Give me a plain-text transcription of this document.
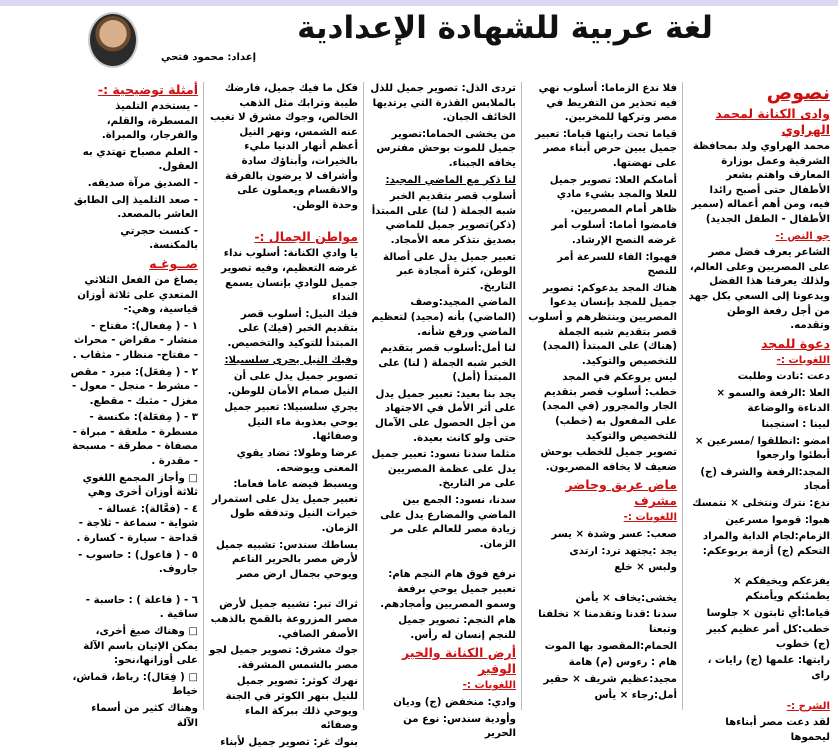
لغة عربية للشهادة الإعدادية
إعداد: محمود فتحي
نصوص
وادى الكنانة لمحمد الهراوي
محمد الهراوي ولد بمحافظة الشرقية وعمل بوزارة المعارف واهتم بشعر الأطفال حتى أصبح رائدا فيه، ومن أهم أعماله (سمير الأطفال - الطفل الجديد)
جو النص :-
الشاعر يعرف فضل مصر على المصريين وعلى العالم، ولذلك يعرفنا هذا الفضل ويدعونا إلى السعي بكل جهد من أجل رفعة الوطن وتقدمه.
دعوة للمجد
اللغويات :-
دعت :نادت وطلبت
العلا :الرفعة والسمو × الدناءة والوضاعة
لبينا : استجبنا
امضو :انطلقوا /مسرعين × أبطئوا وارجعوا
المجد:الرفعة والشرف (ج) أمجاد
ندع: نترك ونتخلى × نتمسك
هبوا: قوموا مسرعين
الزمام:لجام الدابة والمراد التحكم (ج) أزمة بربوعكم:
يفزعكم ويخيفكم × يطمئنكم ويأمنكم
قياما:أي ثابتون × جلوسا
خطب:كل أمر عظيم كبير (ج) خطوب
رايتها: علمها (ج) رايات ، راى
الشرح :-
لقد دعت مصر أبناءها ليحموها
فلا ندع الزماما: أسلوب نهي فيه تحذير من التفريط في مصر وتركها للمخربين.
قياما تحت رايتها قياما: تعبير جميل يبين حرص أبناء مصر على نهضتها.
أمامكم العلا: تصوير جميل للعلا والمجد بشيء مادي ظاهر أمام المصريين.
فامضوا أماما: أسلوب أمر غرضه النصح الإرشاد.
فهبوا: الفاء للسرعة أمر للنصح
هناك المجد يدعوكم: تصوير جميل للمجد بإنسان يدعوا المصريين وينتظرهم و أسلوب قصر بتقديم شبه الجملة (هناك) على المبتدأ (المجد) للتخصيص والتوكيد.
ليس يروعكم في المجد خطب: أسلوب قصر بتقديم الجار والمجرور (في المجد) على المفعول به (خطب) للتخصيص والتوكيد
تصوير جميل للخطب بوحش ضعيف لا يخافه المصريون.
ماض عريق وحاضر مشرف
اللغويات :-
صعب: عسر وشدة × يسر
يجد :يجتهد ترد: ارتدى
ولبس × خلع
يخشى:يخاف × يأمن
سدنا :قدنا وتقدمنا × تخلفنا وتبعنا
الحمام:المقصود بها الموت
هام : رءوس (م) هامة
مجيد:عظيم شريف × حقير
أمل:رجاء × يأس
تردى الذل: تصوير جميل للذل بالملابس القذرة التي يرتديها الخائف الجبان.
من يخشى الحماما:تصوير جميل للموت بوحش مفترس يخافه الجبناء.
لنا ذكر مع الماضي المجيد:
أسلوب قصر بتقديم الخبر شبه الجملة ( لنا) على المبتدأ (ذكر)تصوير جميل للماضي بصديق نتذكر معه الأمجاد.
تعبير جميل يدل على أصالة الوطن، كثرة أمجادة عبر التاريخ.
الماضي المجيد:وصف (الماضي) بأنه (مجيد) لتعظيم الماضي ورفع شأنه.
لنا أمل:أسلوب قصر بتقديم الخبر شبه الجملة ( لنا) على المبتدأ (أمل)
يجد بنا بعيد: تعبير جميل يدل على أثر الأمل في الاجتهاد من أجل الحصول على الآمال حتى ولو كانت بعيدة.
مثلما سدنا نسود: تعبير جميل يدل على عظمة المصريين على مر التاريخ.
سدنا، نسود: الجمع بين الماضي والمضارع يدل على زيادة مصر للعالم على مر الزمان.
نرفع فوق هام النجم هام: تعبير جميل يوحي برفعة وسمو المصريين وأمجادهم.
هام النجم: تصوير جميل للنجم إنسان له رأس.
أرض الكنانة والخير الوفير
اللغويات :-
وادي: منخفض (ج) وديان
وأودية سندس: نوع من الحرير
فكل ما فيك جميل، فارضك طيبة وترابك مثل الذهب الخالص، وجوك مشرق لا تغيب عنه الشمس، ونهر النيل أعظم أنهار الدنيا مليء بالخيرات، وأبناؤك سادة وأشراف لا يرضون بالفرقة والانقسام ويعملون على وحدة الوطن.
مواطن الجمال :-
يا وادي الكنانة: أسلوب نداء غرضه التعظيم، وفيه تصوير جميل للوادي بإنسان يسمع النداء
فيك النيل: أسلوب قصر بتقديم الخبر (فيك) على المبتدأ للتوكيد والتخصيص.
وفيك النيل يجرى سلسبيلا:
تصوير جميل يدل على أن النيل صمام الأمان للوطن.
يجري سلسبيلا: تعبير جميل يوحي بعذوبة ماء النيل وصفائها.
عرضا وطولا: تضاد يقوي المعنى ويوضحه.
ويسبط فيضه عاما فعاما: تعبير جميل يدل على استمرار خيرات النيل وتدفقه طول الزمان.
بساطك سندس: تشبيه جميل لأرض مصر بالحرير الناعم ويوحي بجمال ارض مصر
ثراك تبر: تشبيه جميل لأرض مصر المزروعة بالقمح بالذهب الأصفر الصافي.
جوك مشرق: تصوير جميل لجو مصر بالشمس المشرقة.
نهرك كوثر: تصوير جميل للنيل بنهر الكوثر في الجنة ويوحي ذلك ببركة الماء وصفائه
بنوك غر: تصوير جميل لأبناء
أمثلة توضيحية :-
- يستخدم التلميذ المسطرة، والقلم، والفرجار، والمبراة.
- العلم مصباح تهتدي به العقول.
- الصديق مرآة صديقه.
- صعد التلميذ إلى الطابق العاشر بالمصعد.
- كنست حجرتي بالمكنسة.
صــوغـه
يصاغ من الفعل الثلاثي المتعدي على ثلاثة أوزان قياسية، وهي:-
١ - ( مِفعال): مفتاح - منشار - مقراض - محراث - مفتاح- منظار - مثقاب .
٢ - ( مِفعَل): مبرد - مقص - مشرط - منجل - معول - مغزل - مثبك - مقطع.
٣ - ( مِفعَلة): مكنسة - مسطرة - ملعقة - مبراة - مصفاة - مطرقة - مسبحة - مقدرة .
□ وأجاز المجمع اللغوي ثلاثة أوزان أخرى وهي
٤ - (فعَّالة): غسالة - شواية - سماعة - ثلاجة - قداحة - سيارة - كسارة .
٥ - ( فاعول) : حاسوب - جاروف.
٦ - ( فاعلة ) : حاسبة - ساقية .
□ وهناك صيغ أخرى، يمكن الإتيان باسم الآلة على أوزانها،نحو:
□ ( فِعَال): رباط، قماش، خياط
وهناك كثير من أسماء الآلة
